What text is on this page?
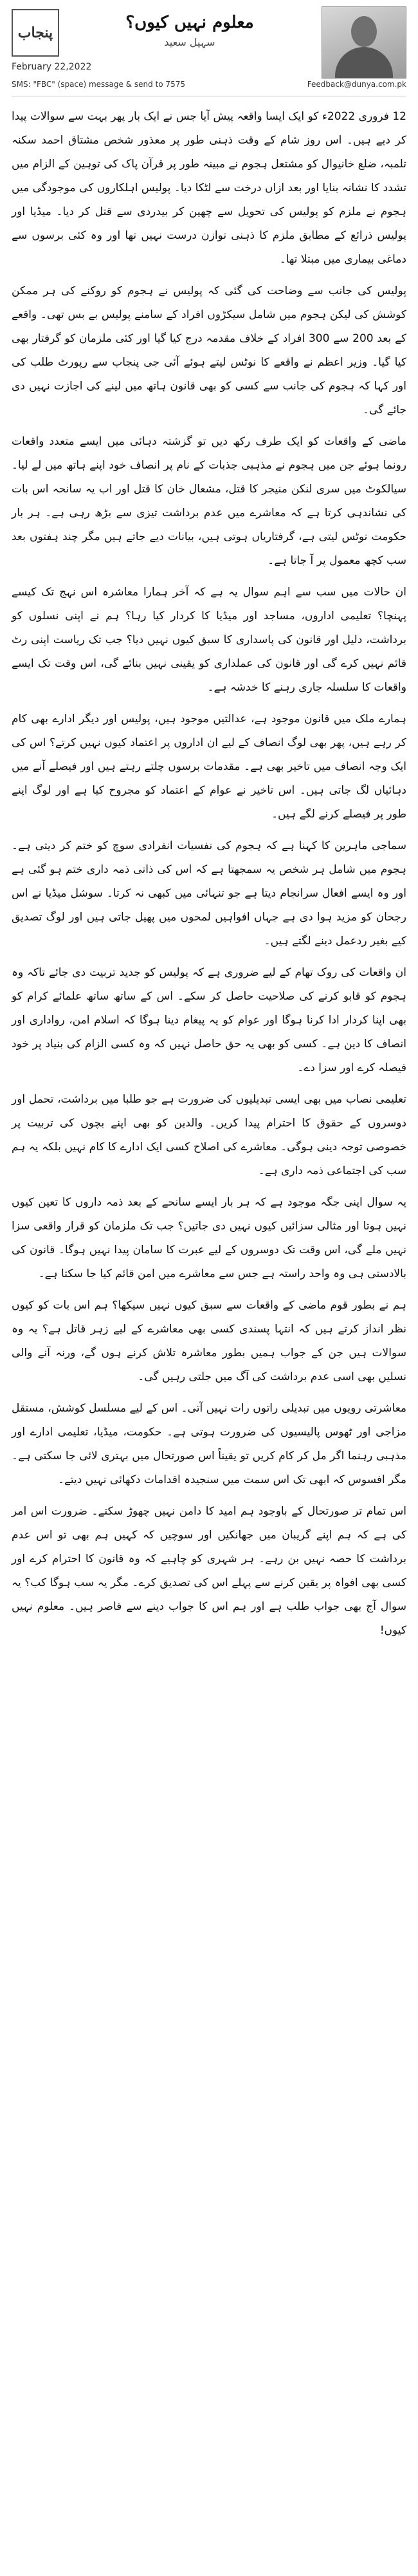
پنجاب
معلوم نہیں کیوں؟
سہیل سعید
February 22,2022
SMS: "FBC" (space) message & send to 7575	Feedback@dunya.com.pk

12 فروری 2022ء کو ایک ایسا واقعہ پیش آیا جس نے ایک بار پھر بہت سے سوالات پیدا کر دیے ہیں۔ اس روز شام کے وقت ذہنی طور پر معذور شخص مشتاق احمد سکنہ تلمبہ، ضلع خانیوال کو مشتعل ہجوم نے مبینہ طور پر قرآن پاک کی توہین کے الزام میں تشدد کا نشانہ بنایا اور بعد ازاں درخت سے لٹکا دیا۔ پولیس اہلکاروں کی موجودگی میں ہجوم نے ملزم کو پولیس کی تحویل سے چھین کر بیدردی سے قتل کر دیا۔ میڈیا اور پولیس ذرائع کے مطابق ملزم کا ذہنی توازن درست نہیں تھا اور وہ کئی برسوں سے دماغی بیماری میں مبتلا تھا۔

پولیس کی جانب سے وضاحت کی گئی کہ پولیس نے ہجوم کو روکنے کی ہر ممکن کوشش کی لیکن ہجوم میں شامل سیکڑوں افراد کے سامنے پولیس بے بس تھی۔ واقعے کے بعد 200 سے 300 افراد کے خلاف مقدمہ درج کیا گیا اور کئی ملزمان کو گرفتار بھی کیا گیا۔ وزیر اعظم نے واقعے کا نوٹس لیتے ہوئے آئی جی پنجاب سے رپورٹ طلب کی اور کہا کہ ہجوم کی جانب سے کسی کو بھی قانون ہاتھ میں لینے کی اجازت نہیں دی جائے گی۔

ماضی کے واقعات کو ایک طرف رکھ دیں تو گزشتہ دہائی میں ایسے متعدد واقعات رونما ہوئے جن میں ہجوم نے مذہبی جذبات کے نام پر انصاف خود اپنے ہاتھ میں لے لیا۔ سیالکوٹ میں سری لنکن منیجر کا قتل، مشعال خان کا قتل اور اب یہ سانحہ اس بات کی نشاندہی کرتا ہے کہ معاشرے میں عدم برداشت تیزی سے بڑھ رہی ہے۔ ہر بار حکومت نوٹس لیتی ہے، گرفتاریاں ہوتی ہیں، بیانات دیے جاتے ہیں مگر چند ہفتوں بعد سب کچھ معمول پر آ جاتا ہے۔

ان حالات میں سب سے اہم سوال یہ ہے کہ آخر ہمارا معاشرہ اس نہج تک کیسے پہنچا؟ تعلیمی اداروں، مساجد اور میڈیا کا کردار کیا رہا؟ ہم نے اپنی نسلوں کو برداشت، دلیل اور قانون کی پاسداری کا سبق کیوں نہیں دیا؟ جب تک ریاست اپنی رٹ قائم نہیں کرے گی اور قانون کی عملداری کو یقینی نہیں بنائے گی، اس وقت تک ایسے واقعات کا سلسلہ جاری رہنے کا خدشہ ہے۔

ہمارے ملک میں قانون موجود ہے، عدالتیں موجود ہیں، پولیس اور دیگر ادارے بھی کام کر رہے ہیں، پھر بھی لوگ انصاف کے لیے ان اداروں پر اعتماد کیوں نہیں کرتے؟ اس کی ایک وجہ انصاف میں تاخیر بھی ہے۔ مقدمات برسوں چلتے رہتے ہیں اور فیصلے آنے میں دہائیاں لگ جاتی ہیں۔ اس تاخیر نے عوام کے اعتماد کو مجروح کیا ہے اور لوگ اپنے طور پر فیصلے کرنے لگے ہیں۔

سماجی ماہرین کا کہنا ہے کہ ہجوم کی نفسیات انفرادی سوچ کو ختم کر دیتی ہے۔ ہجوم میں شامل ہر شخص یہ سمجھتا ہے کہ اس کی ذاتی ذمہ داری ختم ہو گئی ہے اور وہ ایسے افعال سرانجام دیتا ہے جو تنہائی میں کبھی نہ کرتا۔ سوشل میڈیا نے اس رجحان کو مزید ہوا دی ہے جہاں افواہیں لمحوں میں پھیل جاتی ہیں اور لوگ تصدیق کیے بغیر ردعمل دینے لگتے ہیں۔

ان واقعات کی روک تھام کے لیے ضروری ہے کہ پولیس کو جدید تربیت دی جائے تاکہ وہ ہجوم کو قابو کرنے کی صلاحیت حاصل کر سکے۔ اس کے ساتھ ساتھ علمائے کرام کو بھی اپنا کردار ادا کرنا ہوگا اور عوام کو یہ پیغام دینا ہوگا کہ اسلام امن، رواداری اور انصاف کا دین ہے۔ کسی کو بھی یہ حق حاصل نہیں کہ وہ کسی الزام کی بنیاد پر خود فیصلہ کرے اور سزا دے۔

تعلیمی نصاب میں بھی ایسی تبدیلیوں کی ضرورت ہے جو طلبا میں برداشت، تحمل اور دوسروں کے حقوق کا احترام پیدا کریں۔ والدین کو بھی اپنے بچوں کی تربیت پر خصوصی توجہ دینی ہوگی۔ معاشرے کی اصلاح کسی ایک ادارے کا کام نہیں بلکہ یہ ہم سب کی اجتماعی ذمہ داری ہے۔

یہ سوال اپنی جگہ موجود ہے کہ ہر بار ایسے سانحے کے بعد ذمہ داروں کا تعین کیوں نہیں ہوتا اور مثالی سزائیں کیوں نہیں دی جاتیں؟ جب تک ملزمان کو قرار واقعی سزا نہیں ملے گی، اس وقت تک دوسروں کے لیے عبرت کا سامان پیدا نہیں ہوگا۔ قانون کی بالادستی ہی وہ واحد راستہ ہے جس سے معاشرے میں امن قائم کیا جا سکتا ہے۔

ہم نے بطور قوم ماضی کے واقعات سے سبق کیوں نہیں سیکھا؟ ہم اس بات کو کیوں نظر انداز کرتے ہیں کہ انتہا پسندی کسی بھی معاشرے کے لیے زہر قاتل ہے؟ یہ وہ سوالات ہیں جن کے جواب ہمیں بطور معاشرہ تلاش کرنے ہوں گے، ورنہ آنے والی نسلیں بھی اسی عدم برداشت کی آگ میں جلتی رہیں گی۔

معاشرتی رویوں میں تبدیلی راتوں رات نہیں آتی۔ اس کے لیے مسلسل کوشش، مستقل مزاجی اور ٹھوس پالیسیوں کی ضرورت ہوتی ہے۔ حکومت، میڈیا، تعلیمی ادارے اور مذہبی رہنما اگر مل کر کام کریں تو یقیناً اس صورتحال میں بہتری لائی جا سکتی ہے۔ مگر افسوس کہ ابھی تک اس سمت میں سنجیدہ اقدامات دکھائی نہیں دیتے۔

اس تمام تر صورتحال کے باوجود ہم امید کا دامن نہیں چھوڑ سکتے۔ ضرورت اس امر کی ہے کہ ہم اپنے گریبان میں جھانکیں اور سوچیں کہ کہیں ہم بھی تو اس عدم برداشت کا حصہ نہیں بن رہے۔ ہر شہری کو چاہیے کہ وہ قانون کا احترام کرے اور کسی بھی افواہ پر یقین کرنے سے پہلے اس کی تصدیق کرے۔ مگر یہ سب ہوگا کب؟ یہ سوال آج بھی جواب طلب ہے اور ہم اس کا جواب دینے سے قاصر ہیں۔ معلوم نہیں کیوں!
